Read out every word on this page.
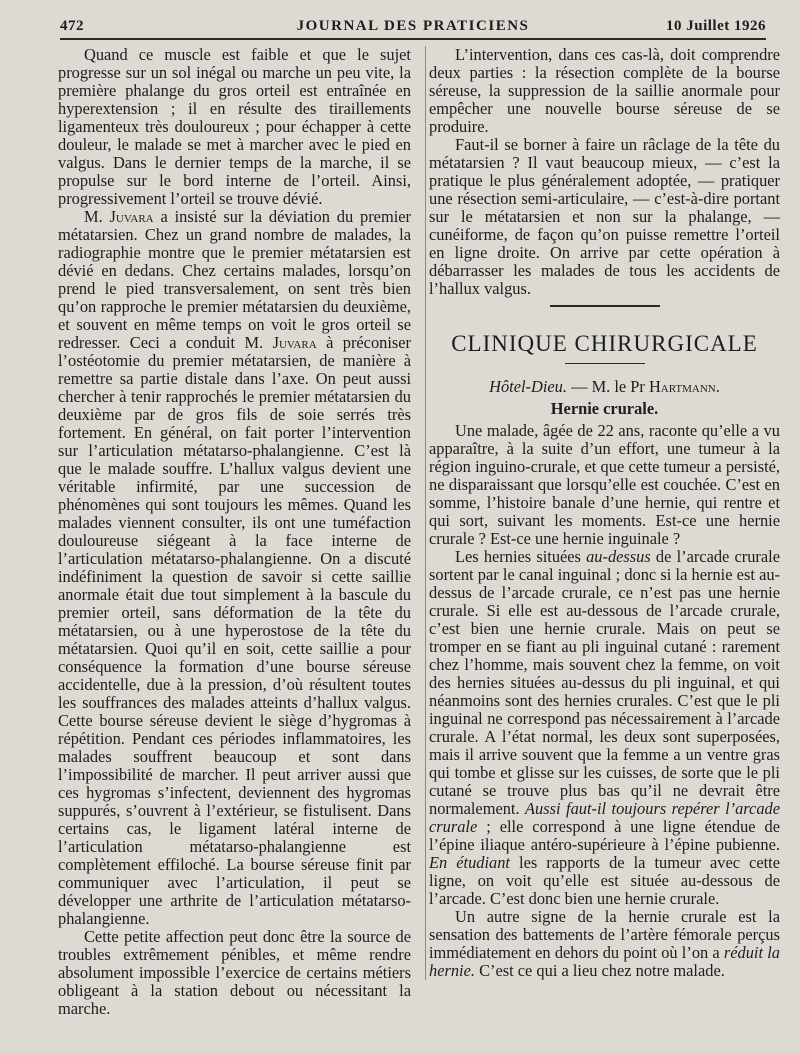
472	JOURNAL DES PRATICIENS	10 Juillet 1926

Quand ce muscle est faible et que le sujet progresse sur un sol inégal ou marche un peu vite, la première phalange du gros orteil est entraînée en hyperextension ; il en résulte des tiraillements ligamenteux très douloureux ; pour échapper à cette douleur, le malade se met à marcher avec le pied en valgus. Dans le dernier temps de la marche, il se propulse sur le bord interne de l’orteil. Ainsi, progressivement l’orteil se trouve dévié.

M. Juvara a insisté sur la déviation du premier métatarsien. Chez un grand nombre de malades, la radiographie montre que le premier métatarsien est dévié en dedans. Chez certains malades, lorsqu’on prend le pied transversalement, on sent très bien qu’on rapproche le premier métatarsien du deuxième, et souvent en même temps on voit le gros orteil se redresser. Ceci a conduit M. Juvara à préconiser l’ostéotomie du premier métatarsien, de manière à remettre sa partie distale dans l’axe. On peut aussi chercher à tenir rapprochés le premier métatarsien du deuxième par de gros fils de soie serrés très fortement. En général, on fait porter l’intervention sur l’articulation métatarso-phalangienne. C’est là que le malade souffre. L’hallux valgus devient une véritable infirmité, par une succession de phénomènes qui sont toujours les mêmes. Quand les malades viennent consulter, ils ont une tuméfaction douloureuse siégeant à la face interne de l’articulation métatarso-phalangienne. On a discuté indéfiniment la question de savoir si cette saillie anormale était due tout simplement à la bascule du premier orteil, sans déformation de la tête du métatarsien, ou à une hyperostose de la tête du métatarsien. Quoi qu’il en soit, cette saillie a pour conséquence la formation d’une bourse séreuse accidentelle, due à la pression, d’où résultent toutes les souffrances des malades atteints d’hallux valgus. Cette bourse séreuse devient le siège d’hygromas à répétition. Pendant ces périodes inflammatoires, les malades souffrent beaucoup et sont dans l’impossibilité de marcher. Il peut arriver aussi que ces hygromas s’infectent, deviennent des hygromas suppurés, s’ouvrent à l’extérieur, se fistulisent. Dans certains cas, le ligament latéral interne de l’articulation métatarso-phalangienne est complètement effiloché. La bourse séreuse finit par communiquer avec l’articulation, il peut se développer une arthrite de l’articulation métatarso-phalangienne.

Cette petite affection peut donc être la source de troubles extrêmement pénibles, et même rendre absolument impossible l’exercice de certains métiers obligeant à la station debout ou nécessitant la marche.

L’intervention, dans ces cas-là, doit comprendre deux parties : la résection complète de la bourse séreuse, la suppression de la saillie anormale pour empêcher une nouvelle bourse séreuse de se produire.

Faut-il se borner à faire un râclage de la tête du métatarsien ? Il vaut beaucoup mieux, — c’est la pratique le plus généralement adoptée, — pratiquer une résection semi-articulaire, — c’est-à-dire portant sur le métatarsien et non sur la phalange, — cunéiforme, de façon qu’on puisse remettre l’orteil en ligne droite. On arrive par cette opération à débarrasser les malades de tous les accidents de l’hallux valgus.

CLINIQUE CHIRURGICALE
Hôtel-Dieu. — M. le Pr Hartmann.
Hernie crurale.

Une malade, âgée de 22 ans, raconte qu’elle a vu apparaître, à la suite d’un effort, une tumeur à la région inguino-crurale, et que cette tumeur a persisté, ne disparaissant que lorsqu’elle est couchée. C’est en somme, l’histoire banale d’une hernie, qui rentre et qui sort, suivant les moments. Est-ce une hernie crurale ? Est-ce une hernie inguinale ?

Les hernies situées au-dessus de l’arcade crurale sortent par le canal inguinal ; donc si la hernie est au-dessus de l’arcade crurale, ce n’est pas une hernie crurale. Si elle est au-dessous de l’arcade crurale, c’est bien une hernie crurale. Mais on peut se tromper en se fiant au pli inguinal cutané : rarement chez l’homme, mais souvent chez la femme, on voit des hernies situées au-dessus du pli inguinal, et qui néanmoins sont des hernies crurales. C’est que le pli inguinal ne correspond pas nécessairement à l’arcade crurale. A l’état normal, les deux sont superposées, mais il arrive souvent que la femme a un ventre gras qui tombe et glisse sur les cuisses, de sorte que le pli cutané se trouve plus bas qu’il ne devrait être normalement. Aussi faut-il toujours repérer l’arcade crurale ; elle correspond à une ligne étendue de l’épine iliaque antéro-supérieure à l’épine pubienne. En étudiant les rapports de la tumeur avec cette ligne, on voit qu’elle est située au-dessous de l’arcade. C’est donc bien une hernie crurale.

Un autre signe de la hernie crurale est la sensation des battements de l’artère fémorale perçus immédiatement en dehors du point où l’on a réduit la hernie. C’est ce qui a lieu chez notre malade.
